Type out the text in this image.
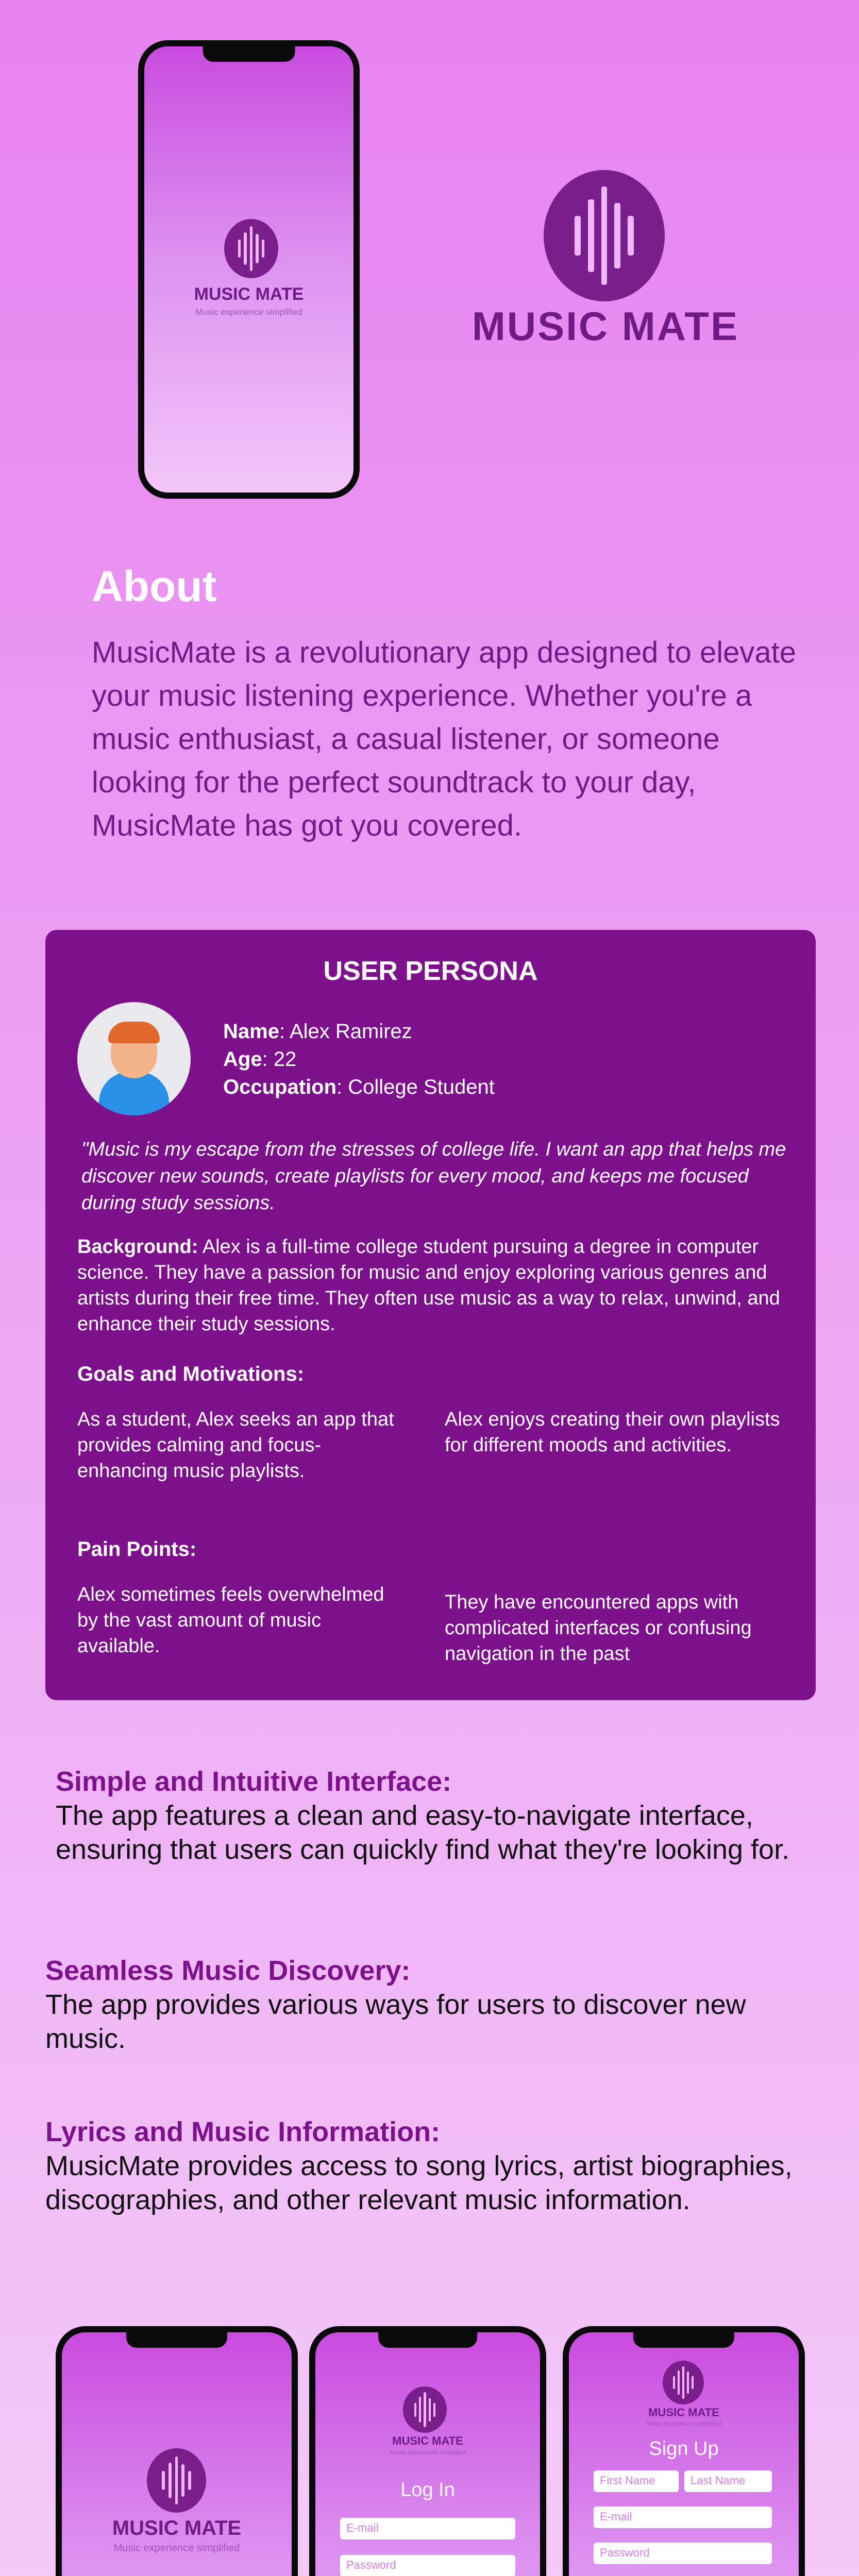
MUSIC MATE
Music experience simplified	MUSIC MATE
About
MusicMate is a revolutionary app designed to elevate your music listening experience. Whether you're a music enthusiast, a casual listener, or someone looking for the perfect soundtrack to your day, MusicMate has got you covered.
USER PERSONA
Name: Alex Ramirez
Age: 22
Occupation: College Student
"Music is my escape from the stresses of college life. I want an app that helps me discover new sounds, create playlists for every mood, and keeps me focused during study sessions.
Background: Alex is a full-time college student pursuing a degree in computer science. They have a passion for music and enjoy exploring various genres and artists during their free time. They often use music as a way to relax, unwind, and enhance their study sessions.
Goals and Motivations:
As a student, Alex seeks an app that provides calming and focus-enhancing music playlists.
Alex enjoys creating their own playlists for different moods and activities.
Pain Points:
Alex sometimes feels overwhelmed by the vast amount of music available.
They have encountered apps with complicated interfaces or confusing navigation in the past
Simple and Intuitive Interface:
The app features a clean and easy-to-navigate interface, ensuring that users can quickly find what they're looking for.
Seamless Music Discovery:
The app provides various ways for users to discover new music.
Lyrics and Music Information:
MusicMate provides access to song lyrics, artist biographies, discographies, and other relevant music information.
MUSIC MATE
Music experience simplified
MUSIC MATE
Music experience simplified
Log In
E-mail
Password
MUSIC MATE
Music experience simplified
Sign Up
First Name	Last Name
E-mail
Password
